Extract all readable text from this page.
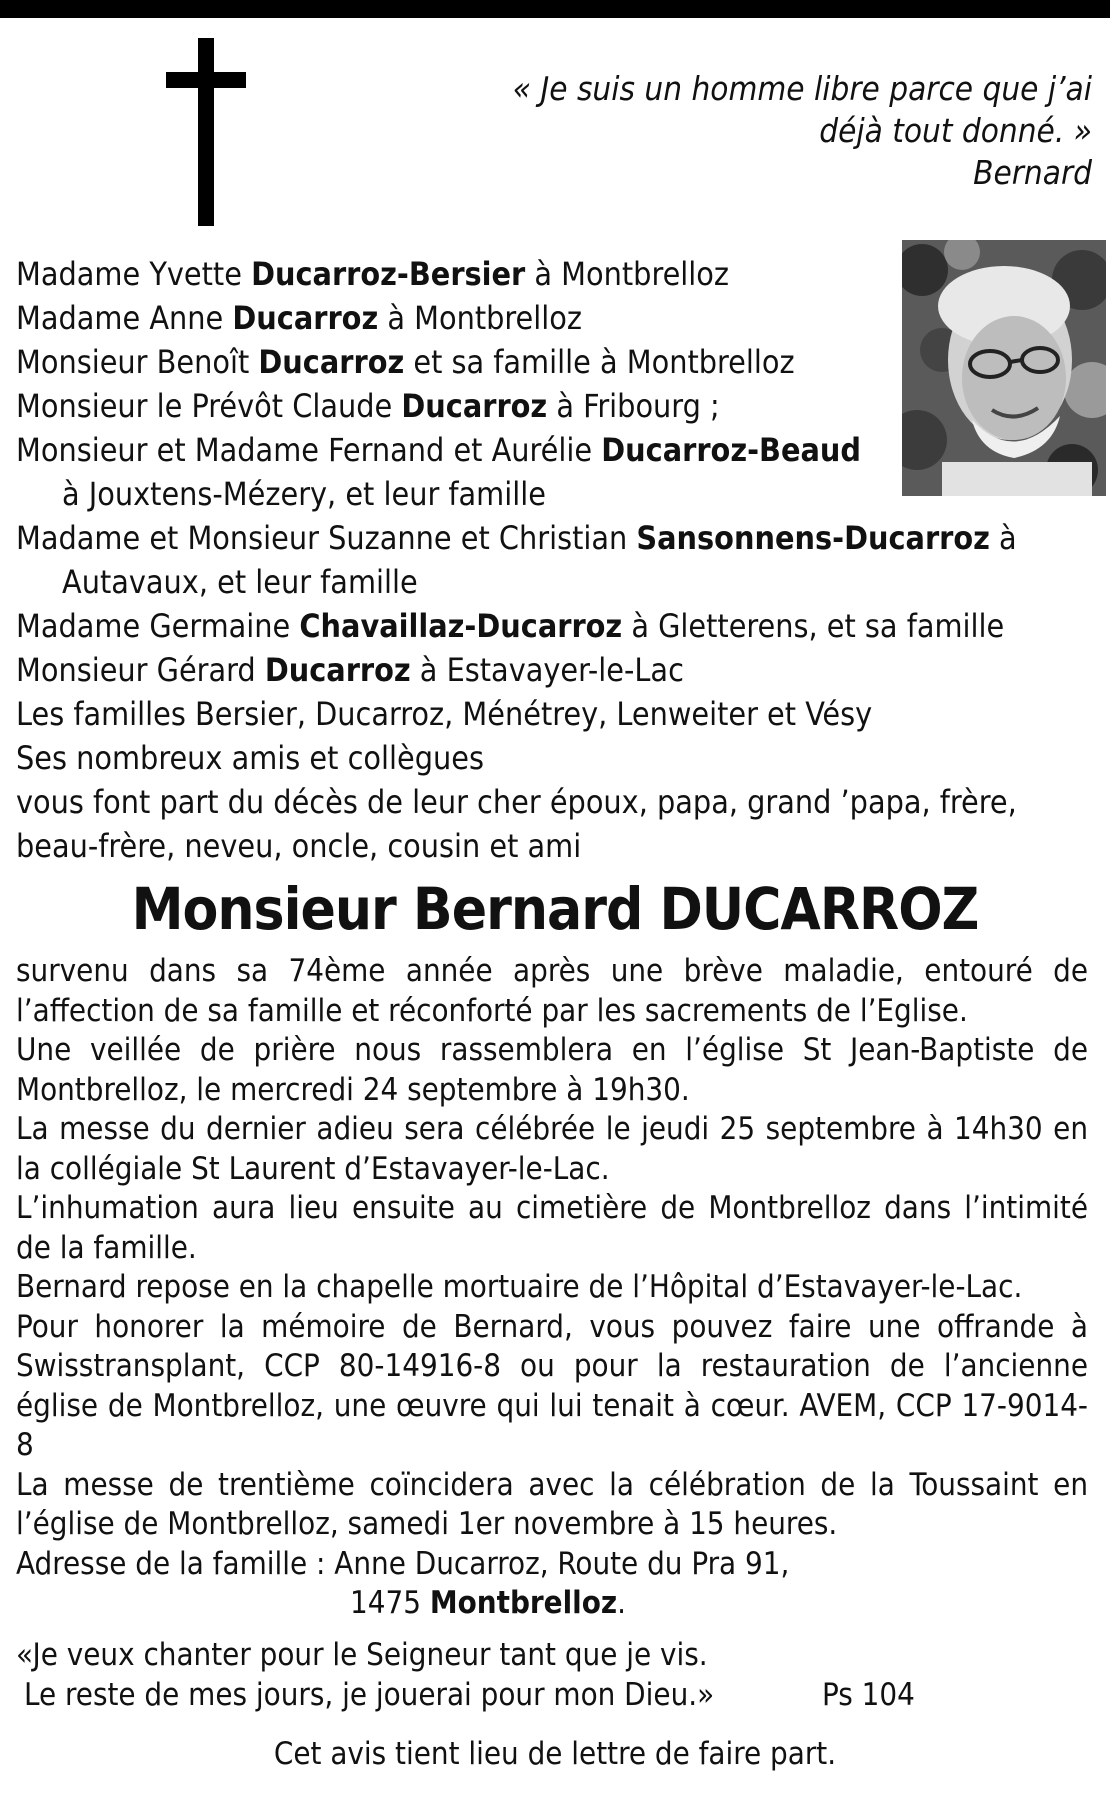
« Je suis un homme libre parce que j’ai
déjà tout donné. »
Bernard
Madame Yvette Ducarroz-Bersier à Montbrelloz
Madame Anne Ducarroz à Montbrelloz
Monsieur Benoît Ducarroz et sa famille à Montbrelloz
Monsieur le Prévôt Claude Ducarroz à Fribourg ;
Monsieur et Madame Fernand et Aurélie Ducarroz-Beaud
à Jouxtens-Mézery, et leur famille
Madame et Monsieur Suzanne et Christian Sansonnens-Ducarroz à
Autavaux, et leur famille
Madame Germaine Chavaillaz-Ducarroz à Gletterens, et sa famille
Monsieur Gérard Ducarroz à Estavayer-le-Lac
Les familles Bersier, Ducarroz, Ménétrey, Lenweiter et Vésy
Ses nombreux amis et collègues
vous font part du décès de leur cher époux, papa, grand ’papa, frère,
beau-frère, neveu, oncle, cousin et ami
Monsieur Bernard DUCARROZ
survenu dans sa 74ème année après une brève maladie, entouré de l’affection de sa famille et réconforté par les sacrements de l’Eglise.
Une veillée de prière nous rassemblera en l’église St Jean-Baptiste de Montbrelloz, le mercredi 24 septembre à 19h30.
La messe du dernier adieu sera célébrée le jeudi 25 septembre à 14h30 en la collégiale St Laurent d’Estavayer-le-Lac.
L’inhumation aura lieu ensuite au cimetière de Montbrelloz dans l’intimité de la famille.
Bernard repose en la chapelle mortuaire de l’Hôpital d’Estavayer-le-Lac.
Pour honorer la mémoire de Bernard, vous pouvez faire une offrande à Swisstransplant, CCP 80-14916-8 ou pour la restauration de l’ancienne église de Montbrelloz, une œuvre qui lui tenait à cœur. AVEM, CCP 17-9014-8
La messe de trentième coïncidera avec la célébration de la Toussaint en l’église de Montbrelloz, samedi 1er novembre à 15 heures.
Adresse de la famille : Anne Ducarroz, Route du Pra 91,
1475 Montbrelloz.
«Je veux chanter pour le Seigneur tant que je vis.
Le reste de mes jours, je jouerai pour mon Dieu.»	Ps 104
Cet avis tient lieu de lettre de faire part.
